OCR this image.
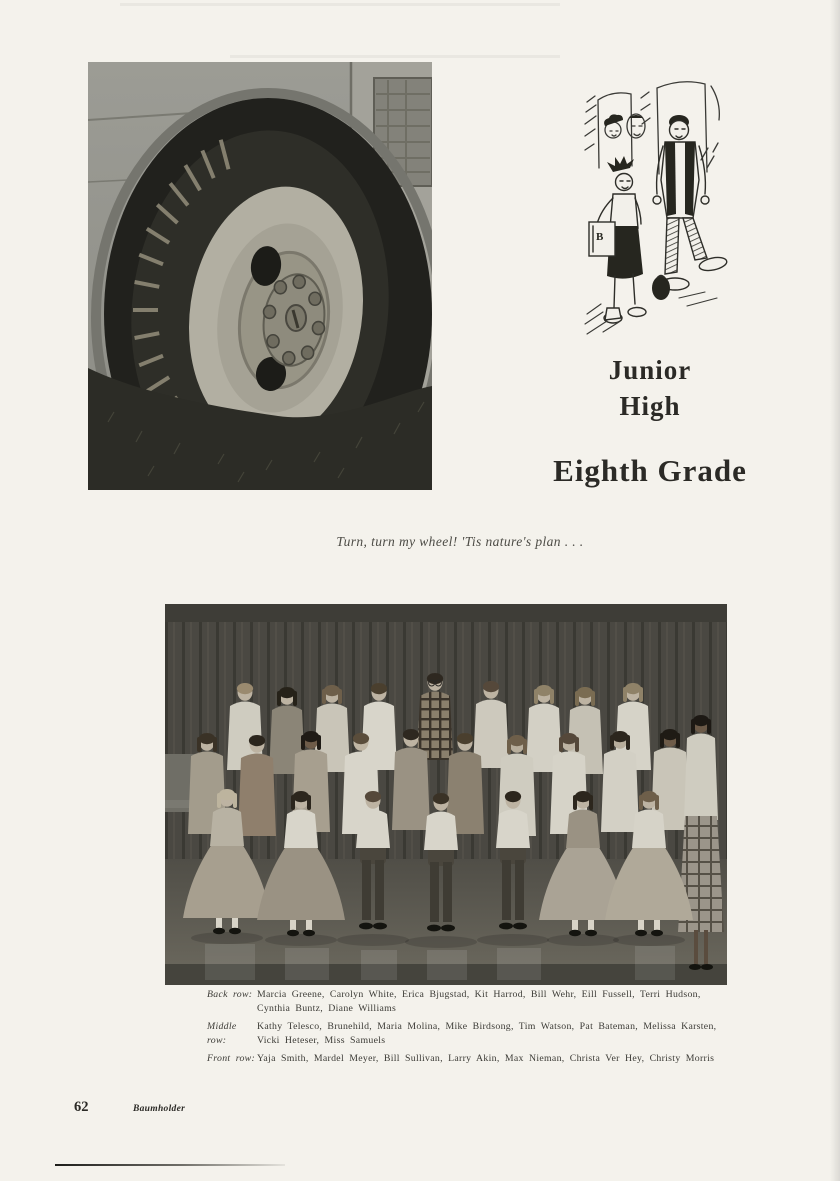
B
Junior
High
Eighth Grade
Turn, turn my wheel! 'Tis nature's plan . . .
Back row: Marcia Greene, Carolyn White, Erica Bjugstad, Kit Harrod, Bill Wehr, Eill Fussell, Terri Hudson, Cynthia Buntz, Diane Williams
Middle row:
Kathy Telesco, Brunehild, Maria Molina, Mike Birdsong, Tim Watson, Pat Bateman, Melissa Karsten, Vicki Heteser, Miss Samuels
Front row: Yaja Smith, Mardel Meyer, Bill Sullivan, Larry Akin, Max Nieman, Christa Ver Hey, Christy Morris
62	Baumholder
